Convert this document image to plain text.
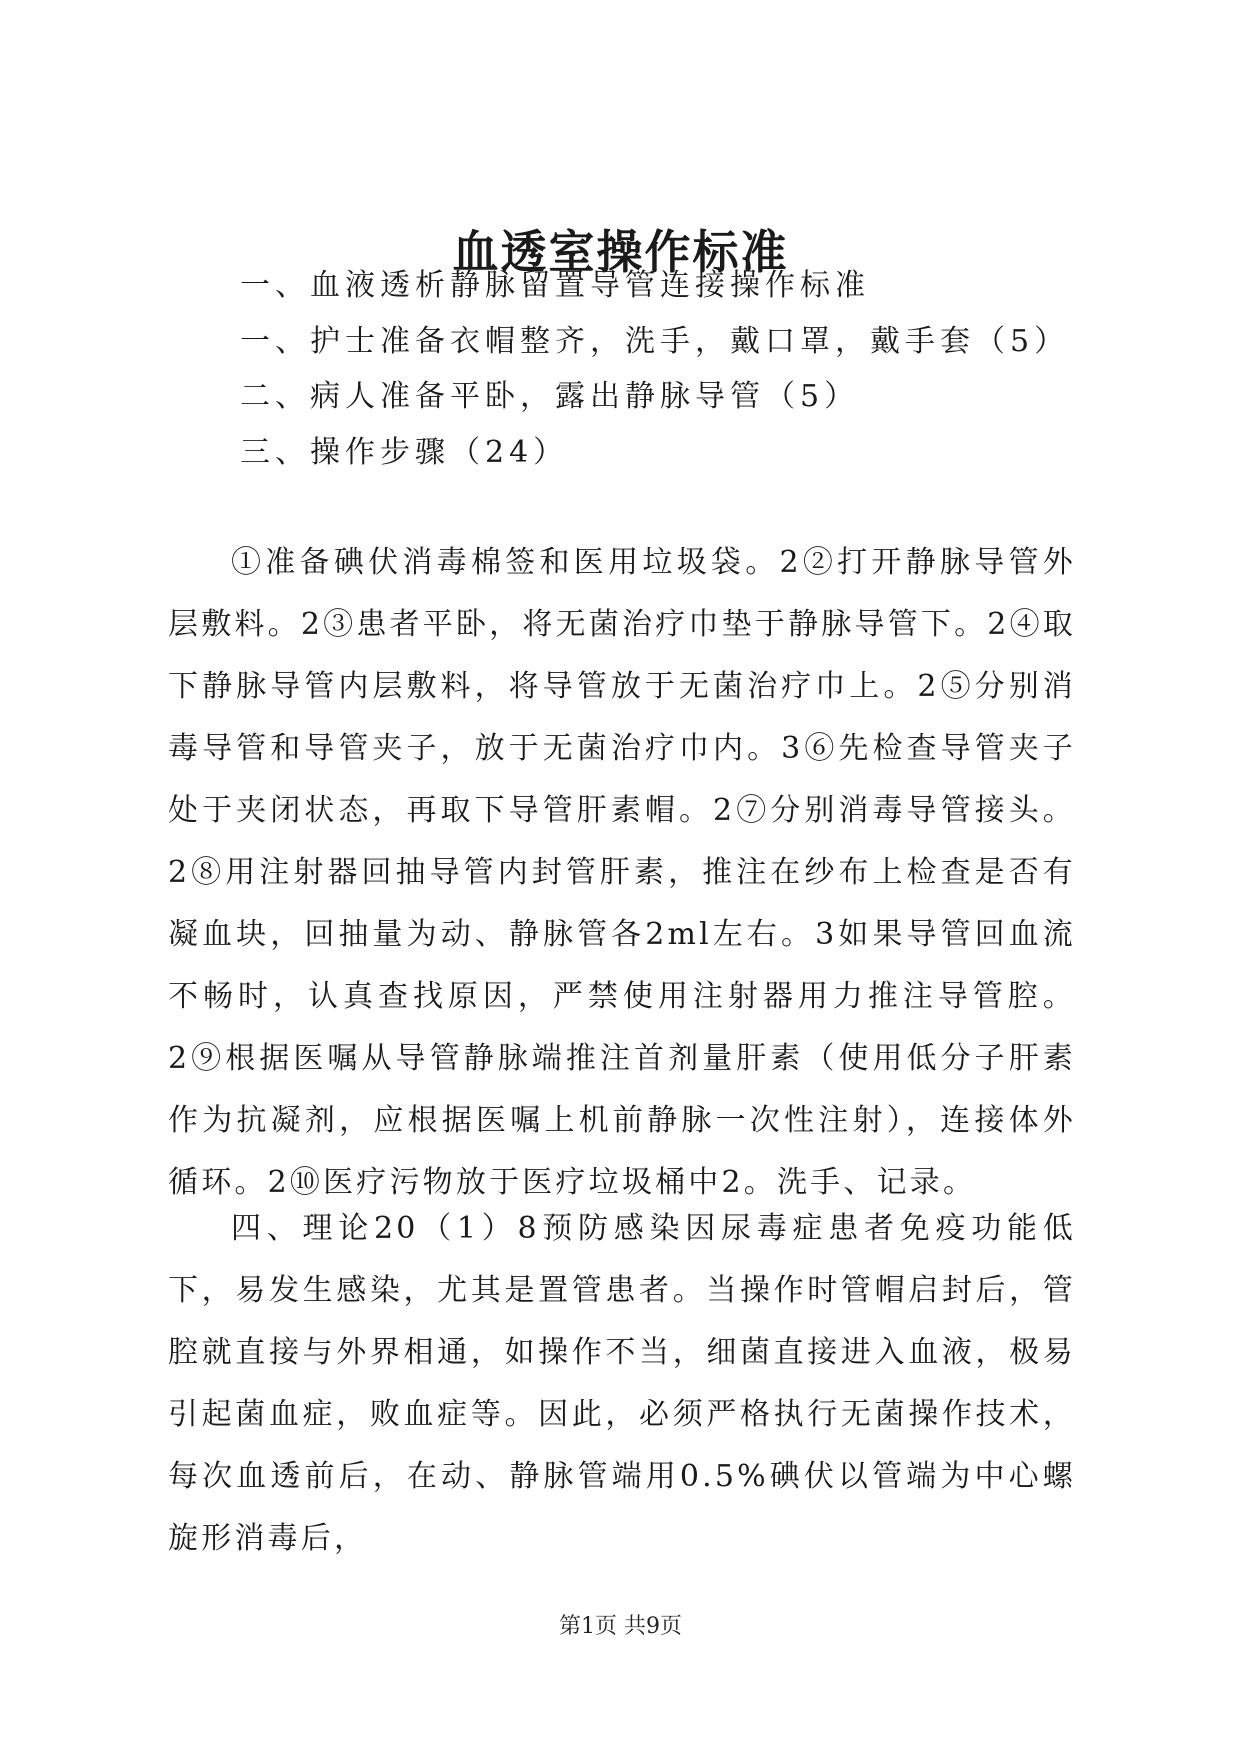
血透室操作标准

一、血液透析静脉留置导管连接操作标准

一、护士准备衣帽整齐，洗手，戴口罩，戴手套（5）

二、病人准备平卧，露出静脉导管（5）

三、操作步骤（24）

①准备碘伏消毒棉签和医用垃圾袋。2②打开静脉导管外层敷料。2③患者平卧，将无菌治疗巾垫于静脉导管下。2④取下静脉导管内层敷料，将导管放于无菌治疗巾上。2⑤分别消毒导管和导管夹子，放于无菌治疗巾内。3⑥先检查导管夹子处于夹闭状态，再取下导管肝素帽。2⑦分别消毒导管接头。2⑧用注射器回抽导管内封管肝素，推注在纱布上检查是否有凝血块，回抽量为动、静脉管各2ml左右。3如果导管回血流不畅时，认真查找原因，严禁使用注射器用力推注导管腔。2⑨根据医嘱从导管静脉端推注首剂量肝素（使用低分子肝素作为抗凝剂，应根据医嘱上机前静脉一次性注射），连接体外循环。2⑩医疗污物放于医疗垃圾桶中2。洗手、记录。

四、理论20（1）8预防感染因尿毒症患者免疫功能低下，易发生感染，尤其是置管患者。当操作时管帽启封后，管腔就直接与外界相通，如操作不当，细菌直接进入血液，极易引起菌血症，败血症等。因此，必须严格执行无菌操作技术，每次血透前后，在动、静脉管端用0.5%碘伏以管端为中心螺旋形消毒后，

第1页 共9页
